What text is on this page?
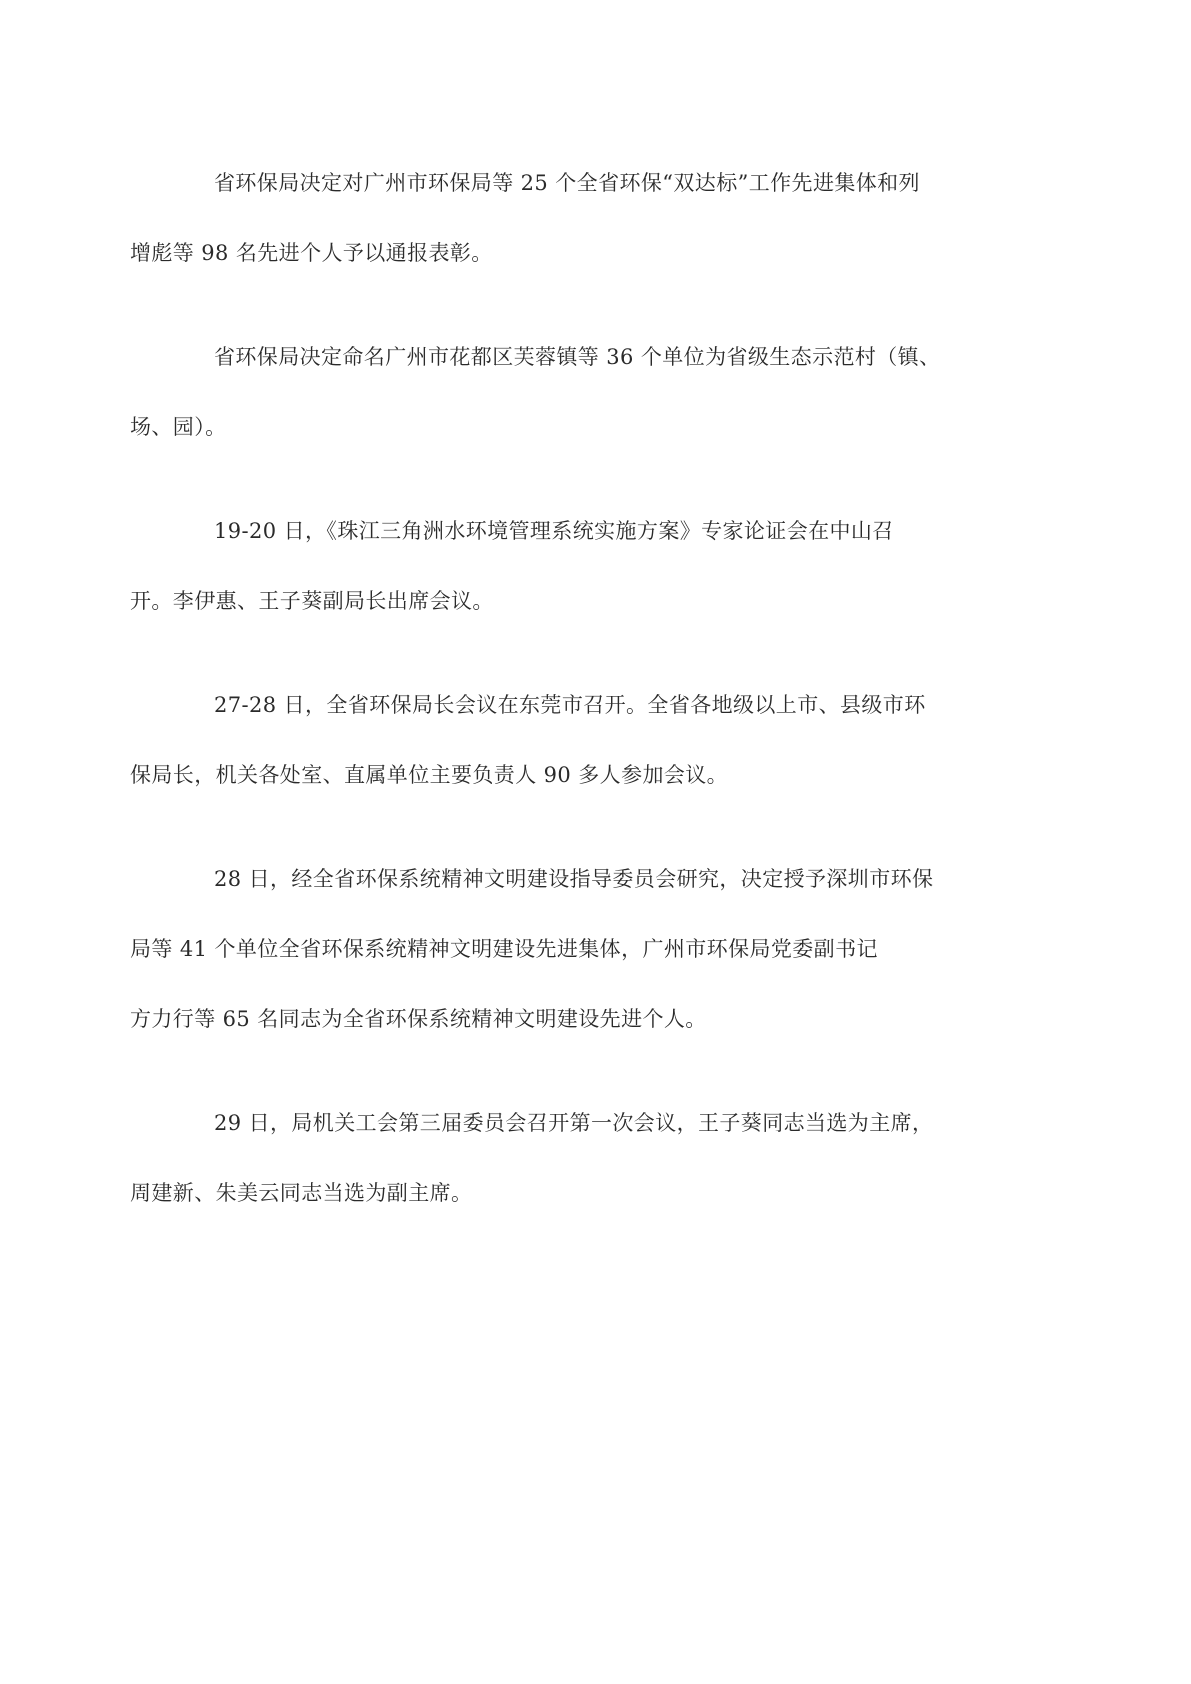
省环保局决定对广州市环保局等 25 个全省环保“双达标”工作先进集体和列
增彪等 98 名先进个人予以通报表彰。

省环保局决定命名广州市花都区芙蓉镇等 36 个单位为省级生态示范村（镇、
场、园）。

19-20 日，《珠江三角洲水环境管理系统实施方案》专家论证会在中山召
开。李伊惠、王子葵副局长出席会议。

27-28 日，全省环保局长会议在东莞市召开。全省各地级以上市、县级市环
保局长，机关各处室、直属单位主要负责人 90 多人参加会议。

28 日，经全省环保系统精神文明建设指导委员会研究，决定授予深圳市环保
局等 41 个单位全省环保系统精神文明建设先进集体，广州市环保局党委副书记
方力行等 65 名同志为全省环保系统精神文明建设先进个人。

29 日，局机关工会第三届委员会召开第一次会议，王子葵同志当选为主席，
周建新、朱美云同志当选为副主席。
